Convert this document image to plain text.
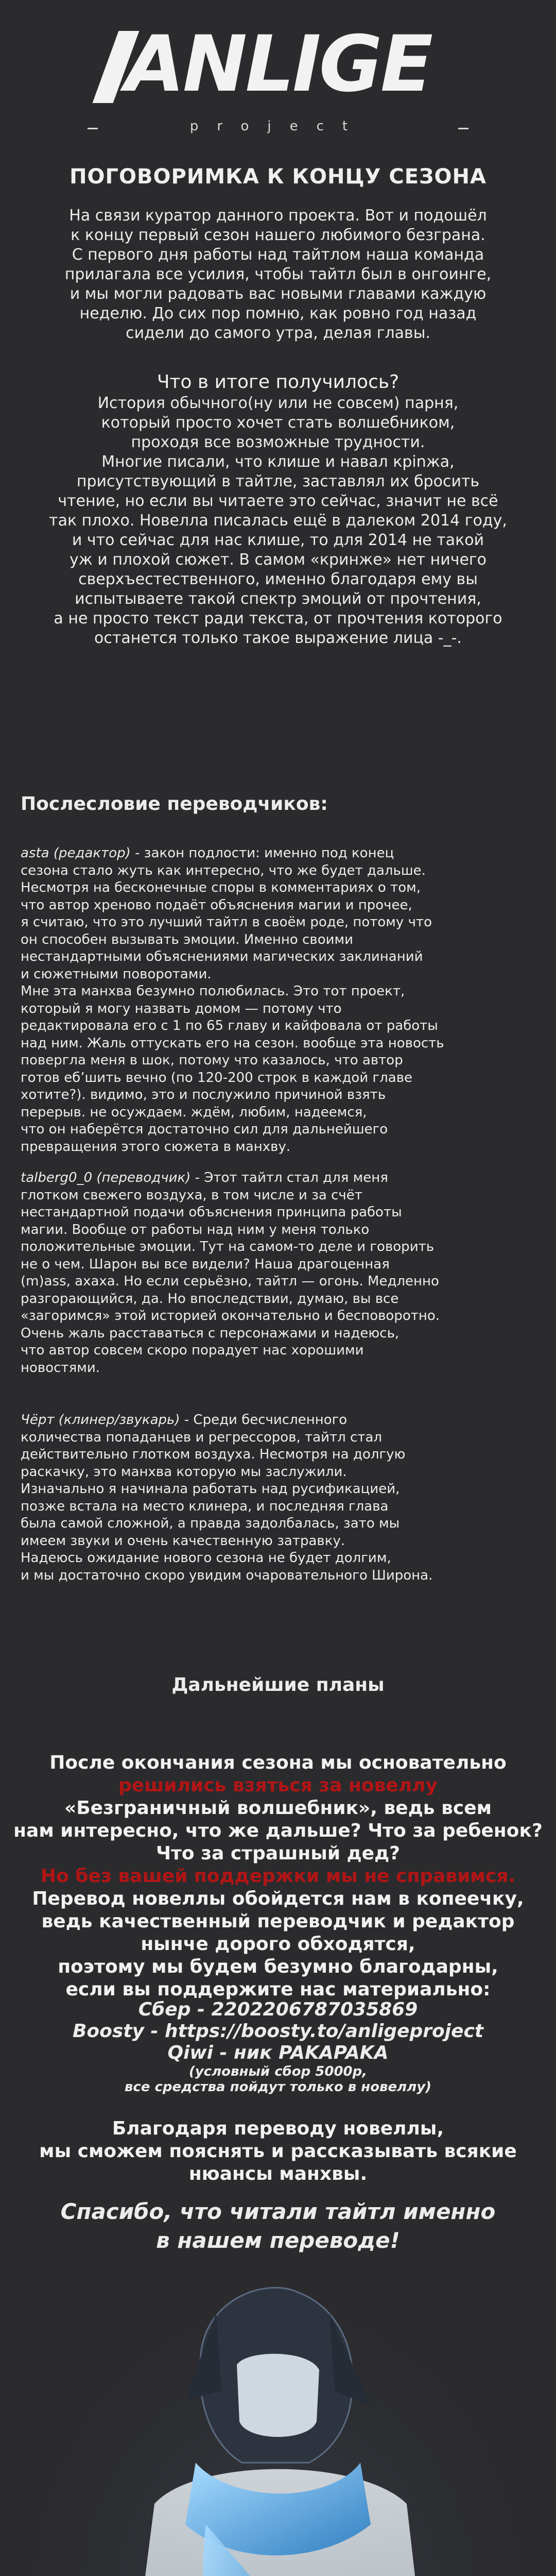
ANLIGE
project
ПОГОВОРИМКА К КОНЦУ СЕЗОНА

На связи куратор данного проекта. Вот и подошёл
к концу первый сезон нашего любимого безграна.
С первого дня работы над тайтлом наша команда
прилагала все усилия, чтобы тайтл был в онгоинге,
и мы могли радовать вас новыми главами каждую
неделю. До сих пор помню, как ровно год назад
сидели до самого утра, делая главы.

Что в итоге получилось?

История обычного(ну или не совсем) парня,
который просто хочет стать волшебником,
проходя все возможные трудности.
Многие писали, что клише и навал крinжа,
присутствующий в тайтле, заставлял их бросить
чтение, но если вы читаете это сейчас, значит не всё
так плохо. Новелла писалась ещё в далеком 2014 году,
и что сейчас для нас клише, то для 2014 не такой
уж и плохой сюжет. В самом «кринже» нет ничего
сверхъестественного, именно благодаря ему вы
испытываете такой спектр эмоций от прочтения,
а не просто текст ради текста, от прочтения которого
останется только такое выражение лица -_-.

Послесловие переводчиков:

asta (редактор) - закон подлости: именно под конец
сезона стало жуть как интересно, что же будет дальше.
Несмотря на бесконечные споры в комментариях о том,
что автор хреново подаёт объяснения магии и прочее,
я считаю, что это лучший тайтл в своём роде, потому что
он способен вызывать эмоции. Именно своими
нестандартными объяснениями магических заклинаний
и сюжетными поворотами.
Мне эта манхва безумно полюбилась. Это тот проект,
который я могу назвать домом — потому что
редактировала его с 1 по 65 главу и кайфовала от работы
над ним. Жаль оттускать его на сезон. вообще эта новость
повергла меня в шок, потому что казалось, что автор
готов ебʼшить вечно (по 120-200 строк в каждой главе
хотите?). видимо, это и послужило причиной взять
перерыв. не осуждаем. ждём, любим, надеемся,
что он наберётся достаточно сил для дальнейшего
превращения этого сюжета в манхву.

talberg0_0 (переводчик) - Этот тайтл стал для меня
глотком свежего воздуха, в том числе и за счёт
нестандартной подачи объяснения принципа работы
магии. Вообще от работы над ним у меня только
положительные эмоции. Тут на самом-то деле и говорить
не о чем. Шарон вы все видели? Наша драгоценная
(m)ass, ахаха. Но если серьёзно, тайтл — огонь. Медленно
разгорающийся, да. Но впоследствии, думаю, вы все
«загоримся» этой историей окончательно и бесповоротно.
Очень жаль расставаться с персонажами и надеюсь,
что автор совсем скоро порадует нас хорошими
новостями.

Чёрт (клинер/звукарь) - Среди бесчисленного
количества попаданцев и регрессоров, тайтл стал
действительно глотком воздуха. Несмотря на долгую
раскачку, это манхва которую мы заслужили.
Изначально я начинала работать над русификацией,
позже встала на место клинера, и последняя глава
была самой сложной, а правда задолбалась, зато мы
имеем звуки и очень качественную затравку.
Надеюсь ожидание нового сезона не будет долгим,
и мы достаточно скоро увидим очаровательного Широна.

Дальнейшие планы

После окончания сезона мы основательно

решились взяться за новеллу

«Безграничный волшебник», ведь всем
нам интересно, что же дальше? Что за ребенок?
Что за страшный дед?

Но без вашей поддержки мы не справимся.

Перевод новеллы обойдется нам в копеечку,
ведь качественный переводчик и редактор
нынче дорого обходятся,
поэтому мы будем безумно благодарны,
если вы поддержите нас материально:

Сбер - 2202206787035869

Boosty - https://boosty.to/anligeproject

Qiwi - ник PAKAPAKA

(условный сбор 5000р,
все средства пойдут только в новеллу)

Благодаря переводу новеллы,
мы сможем пояснять и рассказывать всякие
нюансы манхвы.

Спасибо, что читали тайтл именно
в нашем переводе!
